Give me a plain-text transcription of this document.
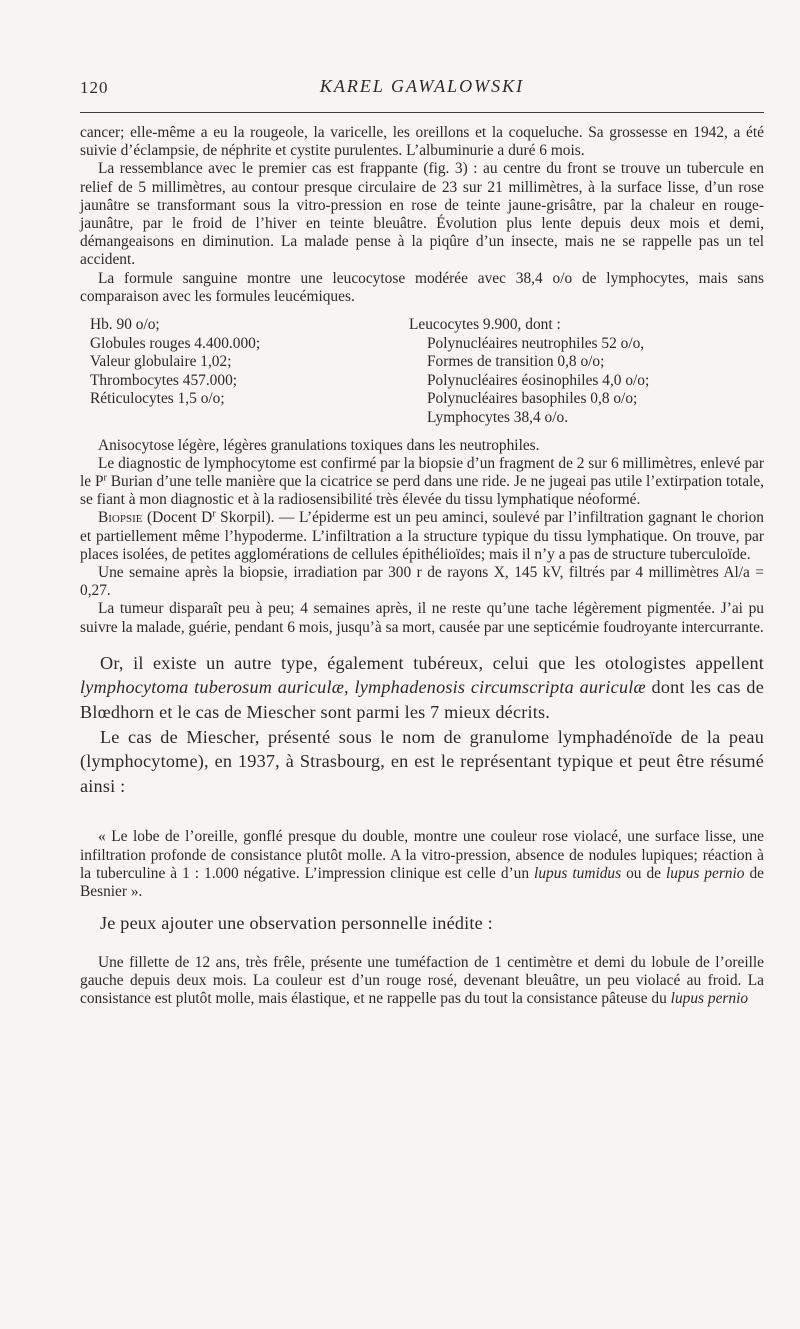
120	KAREL GAWALOWSKI

cancer; elle-même a eu la rougeole, la varicelle, les oreillons et la coqueluche. Sa grossesse en 1942, a été suivie d’éclampsie, de néphrite et cystite purulentes. L’albuminurie a duré 6 mois.

La ressemblance avec le premier cas est frappante (fig. 3) : au centre du front se trouve un tubercule en relief de 5 millimètres, au contour presque circulaire de 23 sur 21 millimètres, à la surface lisse, d’un rose jaunâtre se transformant sous la vitro-pression en rose de teinte jaune-grisâtre, par la chaleur en rouge-jaunâtre, par le froid de l’hiver en teinte bleuâtre. Évolution plus lente depuis deux mois et demi, démangeaisons en diminution. La malade pense à la piqûre d’un insecte, mais ne se rappelle pas un tel accident.

La formule sanguine montre une leucocytose modérée avec 38,4 o/o de lymphocytes, mais sans comparaison avec les formules leucémiques.

Hb. 90 o/o;
Globules rouges 4.400.000;
Valeur globulaire 1,02;
Thrombocytes 457.000;
Réticulocytes 1,5 o/o;
Leucocytes 9.900, dont :
Polynucléaires neutrophiles 52 o/o,
Formes de transition 0,8 o/o;
Polynucléaires éosinophiles 4,0 o/o;
Polynucléaires basophiles 0,8 o/o;
Lymphocytes 38,4 o/o.

Anisocytose légère, légères granulations toxiques dans les neutrophiles.

Le diagnostic de lymphocytome est confirmé par la biopsie d’un fragment de 2 sur 6 millimètres, enlevé par le $P^r$ Burian d’une telle manière que la cicatrice se perd dans une ride. Je ne jugeai pas utile l’extirpation totale, se fiant à mon diagnostic et à la radiosensibilité très élevée du tissu lymphatique néoformé.

Biopsie (Docent $D^r$ Skorpil). — L’épiderme est un peu aminci, soulevé par l’infiltration gagnant le chorion et partiellement même l’hypoderme. L’infiltration a la structure typique du tissu lymphatique. On trouve, par places isolées, de petites agglomérations de cellules épithélioïdes; mais il n’y a pas de structure tuberculoïde.

Une semaine après la biopsie, irradiation par 300 r de rayons X, 145 kV, filtrés par 4 millimètres Al/a = 0,27.

La tumeur disparaît peu à peu; 4 semaines après, il ne reste qu’une tache légèrement pigmentée. J’ai pu suivre la malade, guérie, pendant 6 mois, jusqu’à sa mort, causée par une septicémie foudroyante intercurrante.

Or, il existe un autre type, également tubéreux, celui que les otologistes appellent lymphocytoma tuberosum auriculæ, lymphadenosis circumscripta auriculæ dont les cas de Blœdhorn et le cas de Miescher sont parmi les 7 mieux décrits.

Le cas de Miescher, présenté sous le nom de granulome lymphadénoïde de la peau (lymphocytome), en 1937, à Strasbourg, en est le représentant typique et peut être résumé ainsi :

« Le lobe de l’oreille, gonflé presque du double, montre une couleur rose violacé, une surface lisse, une infiltration profonde de consistance plutôt molle. A la vitro-pression, absence de nodules lupiques; réaction à la tuberculine à 1 : 1.000 négative. L’impression clinique est celle d’un lupus tumidus ou de lupus pernio de Besnier ».

Je peux ajouter une observation personnelle inédite :

Une fillette de 12 ans, très frêle, présente une tuméfaction de 1 centimètre et demi du lobule de l’oreille gauche depuis deux mois. La couleur est d’un rouge rosé, devenant bleuâtre, un peu violacé au froid. La consistance est plutôt molle, mais élastique, et ne rappelle pas du tout la consistance pâteuse du lupus pernio
